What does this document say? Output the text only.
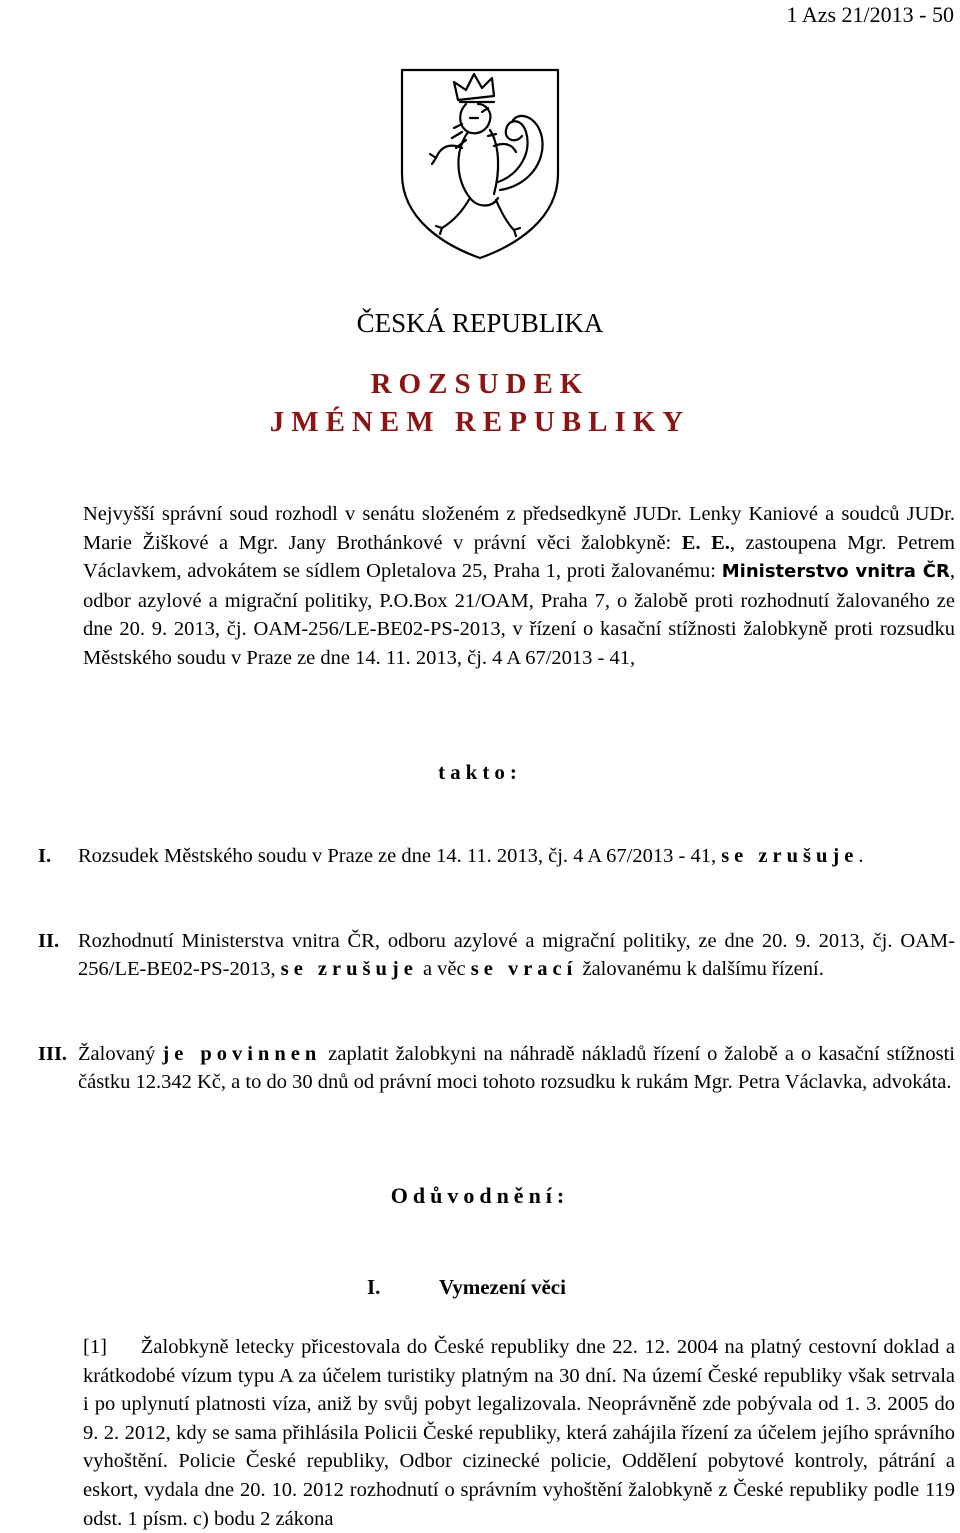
1 Azs 21/2013 - 50
ČESKÁ REPUBLIKA
ROZSUDEK
JMÉNEM REPUBLIKY
Nejvyšší správní soud rozhodl v senátu složeném z předsedkyně JUDr. Lenky Kaniové a soudců JUDr. Marie Žiškové a Mgr. Jany Brothánkové v právní věci žalobkyně: E. E., zastoupena Mgr. Petrem Václavkem, advokátem se sídlem Opletalova 25, Praha 1, proti žalovanému: Ministerstvo vnitra ČR, odbor azylové a migrační politiky, P.O.Box 21/OAM, Praha 7, o žalobě proti rozhodnutí žalovaného ze dne 20. 9. 2013, čj. OAM-256/LE-BE02-PS-2013, v řízení o kasační stížnosti žalobkyně proti rozsudku Městského soudu v Praze ze dne 14. 11. 2013, čj. 4 A 67/2013 - 41,
takto:
I. Rozsudek Městského soudu v Praze ze dne 14. 11. 2013, čj. 4 A 67/2013 - 41, se zrušuje.
II. Rozhodnutí Ministerstva vnitra ČR, odboru azylové a migrační politiky, ze dne 20. 9. 2013, čj. OAM-256/LE-BE02-PS-2013, se zrušuje a věc se vrací žalovanému k dalšímu řízení.
III. Žalovaný je povinnen zaplatit žalobkyni na náhradě nákladů řízení o žalobě a o kasační stížnosti částku 12.342 Kč, a to do 30 dnů od právní moci tohoto rozsudku k rukám Mgr. Petra Václavka, advokáta.
Odůvodnění:
I.	Vymezení věci
[1] Žalobkyně letecky přicestovala do České republiky dne 22. 12. 2004 na platný cestovní doklad a krátkodobé vízum typu A za účelem turistiky platným na 30 dní. Na území České republiky však setrvala i po uplynutí platnosti víza, aniž by svůj pobyt legalizovala. Neoprávněně zde pobývala od 1. 3. 2005 do 9. 2. 2012, kdy se sama přihlásila Policii České republiky, která zahájila řízení za účelem jejího správního vyhoštění. Policie České republiky, Odbor cizinecké policie, Oddělení pobytové kontroly, pátrání a eskort, vydala dne 20. 10. 2012 rozhodnutí o správním vyhoštění žalobkyně z České republiky podle 119 odst. 1 písm. c) bodu 2 zákona
